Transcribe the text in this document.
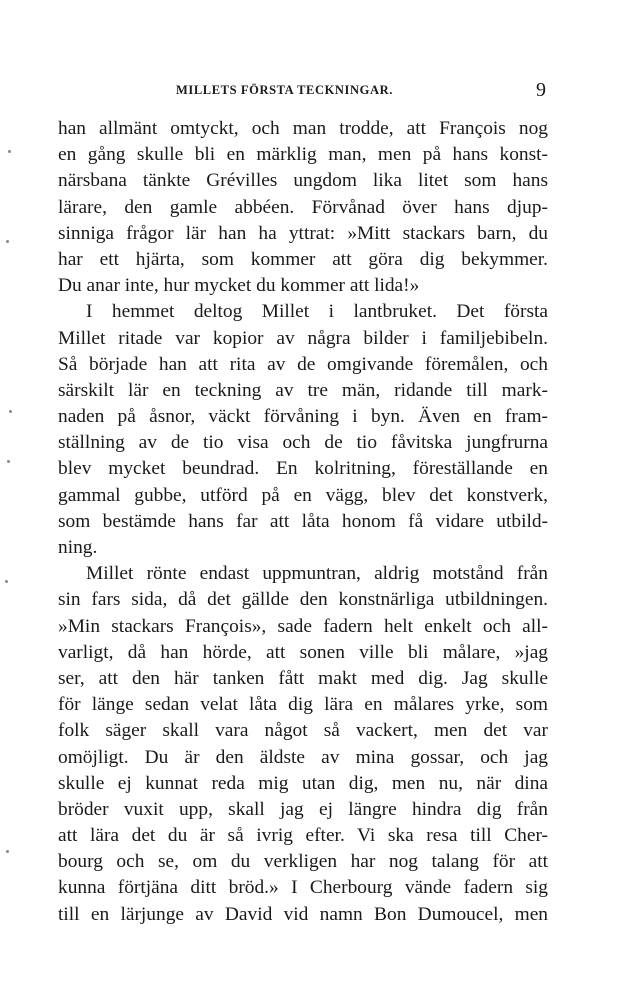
MILLETS FÖRSTA TECKNINGAR.	9
han allmänt omtyckt, och man trodde, att François nog
en gång skulle bli en märklig man, men på hans konst-
närsbana tänkte Grévilles ungdom lika litet som hans
lärare, den gamle abbéen. Förvånad över hans djup-
sinniga frågor lär han ha yttrat: »Mitt stackars barn, du
har ett hjärta, som kommer att göra dig bekymmer.
Du anar inte, hur mycket du kommer att lida!»
I hemmet deltog Millet i lantbruket. Det första
Millet ritade var kopior av några bilder i familjebibeln.
Så började han att rita av de omgivande föremålen, och
särskilt lär en teckning av tre män, ridande till mark-
naden på åsnor, väckt förvåning i byn. Även en fram-
ställning av de tio visa och de tio fåvitska jungfrurna
blev mycket beundrad. En kolritning, föreställande en
gammal gubbe, utförd på en vägg, blev det konstverk,
som bestämde hans far att låta honom få vidare utbild-
ning.
Millet rönte endast uppmuntran, aldrig motstånd från
sin fars sida, då det gällde den konstnärliga utbildningen.
»Min stackars François», sade fadern helt enkelt och all-
varligt, då han hörde, att sonen ville bli målare, »jag
ser, att den här tanken fått makt med dig. Jag skulle
för länge sedan velat låta dig lära en målares yrke, som
folk säger skall vara något så vackert, men det var
omöjligt. Du är den äldste av mina gossar, och jag
skulle ej kunnat reda mig utan dig, men nu, när dina
bröder vuxit upp, skall jag ej längre hindra dig från
att lära det du är så ivrig efter. Vi ska resa till Cher-
bourg och se, om du verkligen har nog talang för att
kunna förtjäna ditt bröd.» I Cherbourg vände fadern sig
till en lärjunge av David vid namn Bon Dumoucel, men
